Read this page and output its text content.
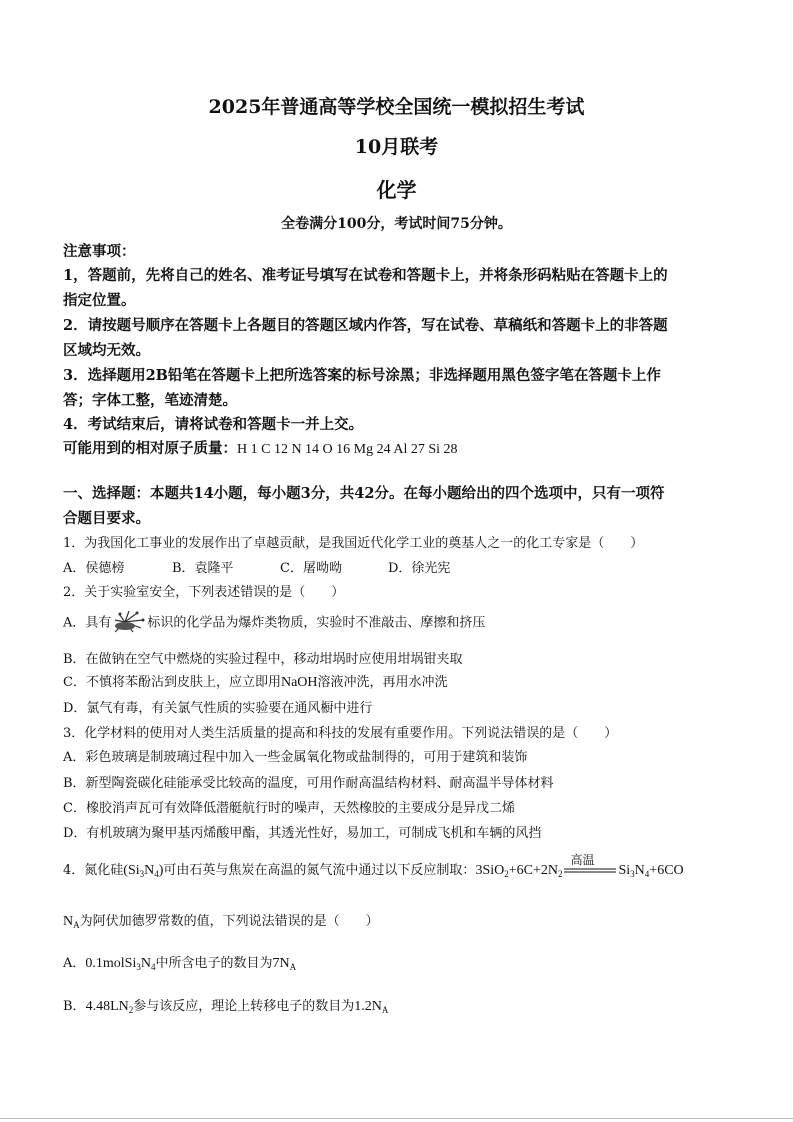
2025年普通高等学校全国统一模拟招生考试
10月联考
化学
全卷满分100分，考试时间75分钟。
注意事项：
1，答题前，先将自己的姓名、准考证号填写在试卷和答题卡上，并将条形码粘贴在答题卡上的
指定位置。
2．请按题号顺序在答题卡上各题目的答题区域内作答，写在试卷、草稿纸和答题卡上的非答题
区域均无效。
3．选择题用2B铅笔在答题卡上把所选答案的标号涂黑；非选择题用黑色签字笔在答题卡上作
答；字体工整，笔迹清楚。
4．考试结束后，请将试卷和答题卡一并上交。
可能用到的相对原子质量：H 1 C 12 N 14 O 16 Mg 24 Al 27 Si 28
一、选择题：本题共14小题，每小题3分，共42分。在每小题给出的四个选项中，只有一项符
合题目要求。
1．为我国化工事业的发展作出了卓越贡献，是我国近代化学工业的奠基人之一的化工专家是（　　）
A．侯德榜	B．袁隆平	C．屠呦呦	D．徐光宪
2．关于实验室安全，下列表述错误的是（　　）
A．具有	标识的化学品为爆炸类物质，实验时不准敲击、摩擦和挤压
B．在做钠在空气中燃烧的实验过程中，移动坩埚时应使用坩埚钳夹取
C．不慎将苯酚沾到皮肤上，应立即用NaOH溶液冲洗，再用水冲洗
D．氯气有毒，有关氯气性质的实验要在通风橱中进行
3．化学材料的使用对人类生活质量的提高和科技的发展有重要作用。下列说法错误的是（　　）
A．彩色玻璃是制玻璃过程中加入一些金属氧化物或盐制得的，可用于建筑和装饰
B．新型陶瓷碳化硅能承受比较高的温度，可用作耐高温结构材料、耐高温半导体材料
C．橡胶消声瓦可有效降低潜艇航行时的噪声，天然橡胶的主要成分是异戊二烯
D．有机玻璃为聚甲基丙烯酸甲酯，其透光性好，易加工，可制成飞机和车辆的风挡
4．氮化硅$(Si_3N_4)$可由石英与焦炭在高温的氮气流中通过以下反应制取：$3SiO_2+6C+2N_2$
高温
$Si_3N_4+6CO$
$N_A$为阿伏加德罗常数的值，下列说法错误的是（　　）
A．$0.1molSi_3N_4$中所含电子的数目为$7N_A$
B．$4.48LN_2$参与该反应，理论上转移电子的数目为$1.2N_A$
